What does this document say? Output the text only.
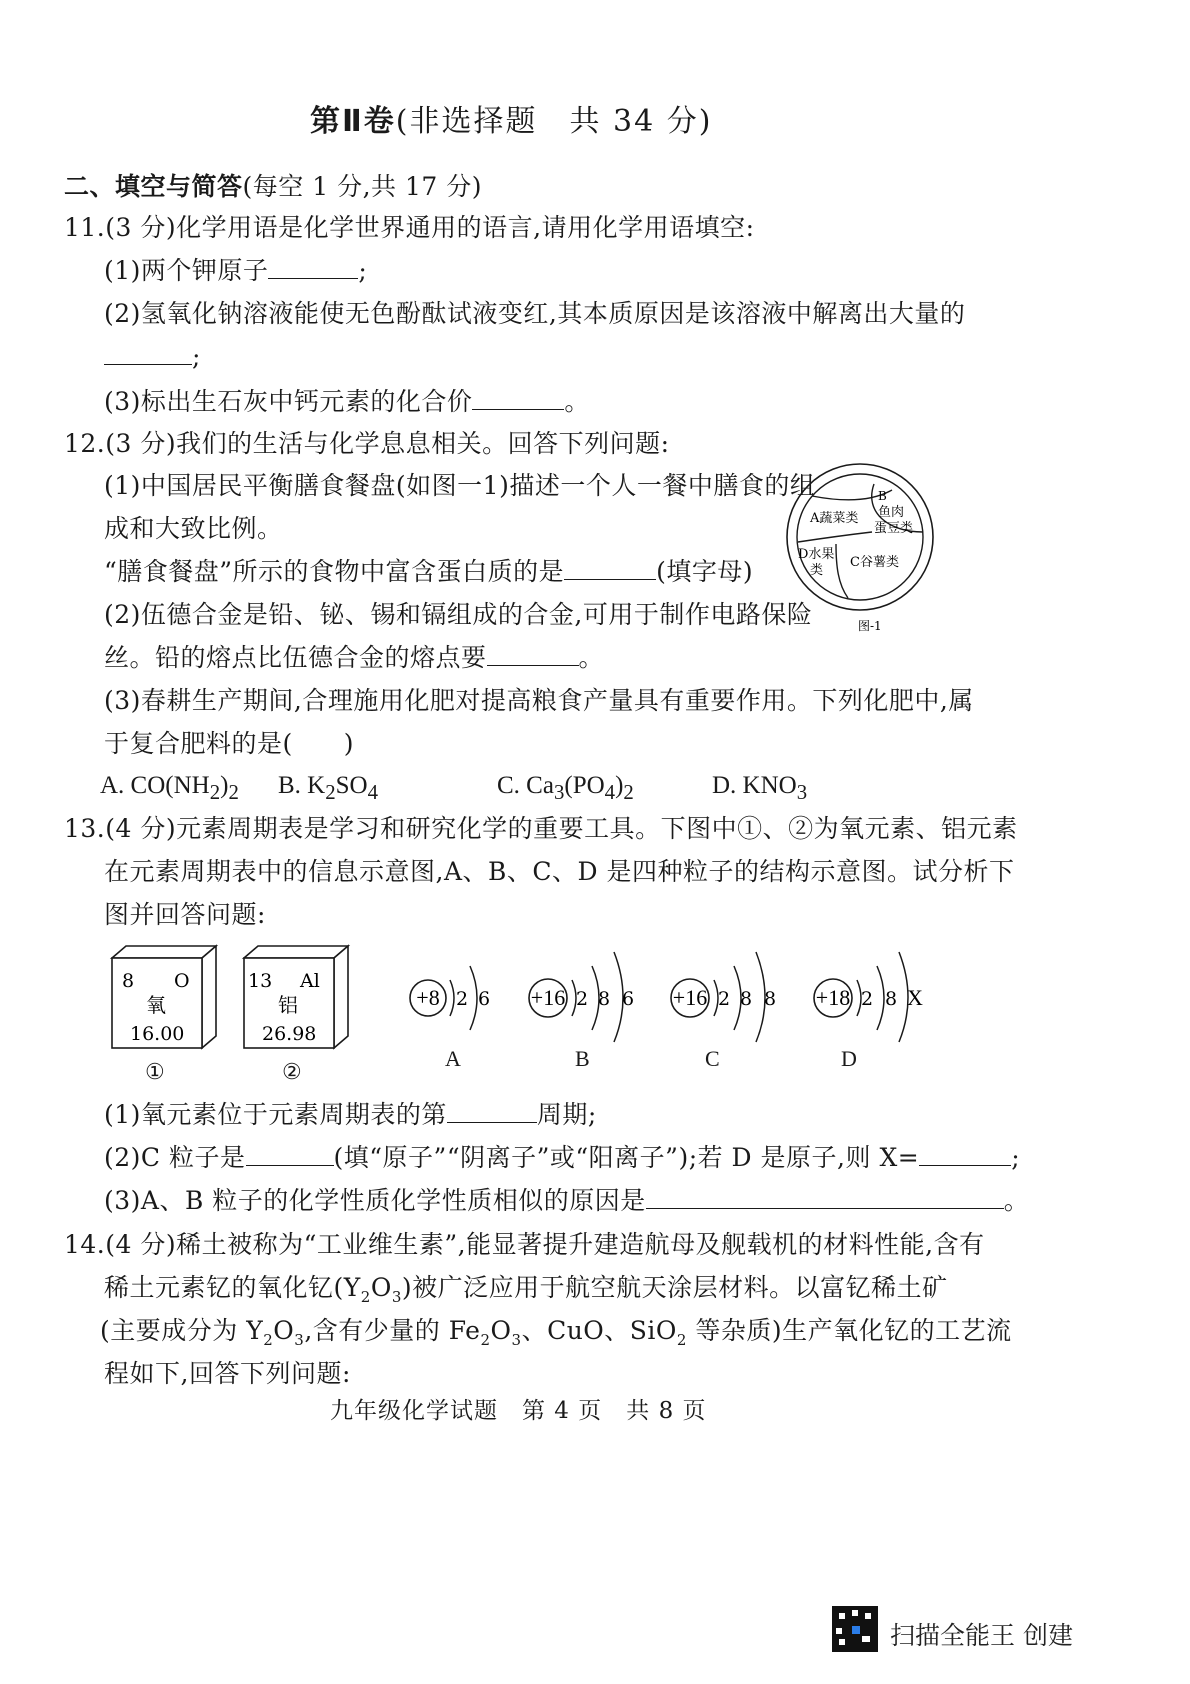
第Ⅱ卷(非选择题　共 34 分)
二、填空与简答(每空 1 分,共 17 分)
11.(3 分)化学用语是化学世界通用的语言,请用化学用语填空:
(1)两个钾原子	;
(2)氢氧化钠溶液能使无色酚酞试液变红,其本质原因是该溶液中解离出大量的
;
(3)标出生石灰中钙元素的化合价	。
12.(3 分)我们的生活与化学息息相关。回答下列问题:
(1)中国居民平衡膳食餐盘(如图一1)描述一个人一餐中膳食的组
成和大致比例。
“膳食餐盘”所示的食物中富含蛋白质的是	(填字母)
(2)伍德合金是铅、铋、锡和镉组成的合金,可用于制作电路保险
丝。铅的熔点比伍德合金的熔点要	。
(3)春耕生产期间,合理施用化肥对提高粮食产量具有重要作用。下列化肥中,属
于复合肥料的是(　　)
A. $CO(NH_2)_2$ B. $K_2SO_4$	C. $Ca_3(PO_4)_2$	D. $KNO_3$
A蔬菜类
B
鱼肉
蛋豆类
D水果
类
C谷薯类
图-1
13.(4 分)元素周期表是学习和研究化学的重要工具。下图中①、②为氧元素、铝元素
在元素周期表中的信息示意图,A、B、C、D 是四种粒子的结构示意图。试分析下
图并回答问题:
8 O
氧
16.00
13 Al
铝
26.98
①	②
+8 2 6
A
+16 2 8 6
B
+16 2 8 8
C
+18 2 8 X
D
(1)氧元素位于元素周期表的第	周期;
(2)C 粒子是	(填“原子”“阴离子”或“阳离子”);若 D 是原子,则 X=	;
(3)A、B 粒子的化学性质化学性质相似的原因是	。
14.(4 分)稀土被称为“工业维生素”,能显著提升建造航母及舰载机的材料性能,含有
稀土元素钇的氧化钇$(Y_2O_3)$被广泛应用于航空航天涂层材料。以富钇稀土矿
(主要成分为 $Y_2O_3$,含有少量的 $Fe_2O_3$、CuO、SiO$_2$ 等杂质)生产氧化钇的工艺流
程如下,回答下列问题:
九年级化学试题　第 4 页　共 8 页
扫描全能王 创建
